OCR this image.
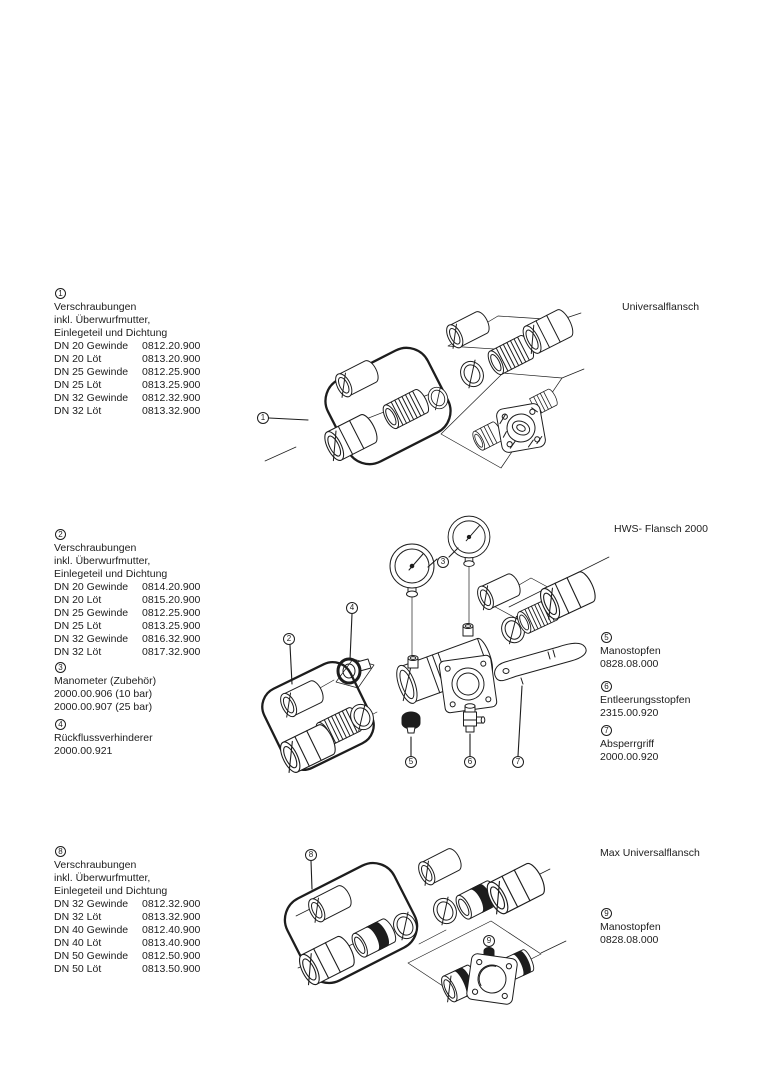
1
Verschraubungen
inkl. Überwurfmutter,
Einlegeteil und Dichtung
DN 20 Gewinde	0812.20.900
DN 20 Löt	0813.20.900
DN 25 Gewinde	0812.25.900
DN 25 Löt	0813.25.900
DN 32 Gewinde	0812.32.900
DN 32 Löt	0813.32.900
Universalflansch
2
Verschraubungen
inkl. Überwurfmutter,
Einlegeteil und Dichtung
DN 20 Gewinde	0814.20.900
DN 20 Löt	0815.20.900
DN 25 Gewinde	0812.25.900
DN 25 Löt	0813.25.900
DN 32 Gewinde	0816.32.900
DN 32 Löt	0817.32.900
3
Manometer (Zubehör)
2000.00.906 (10 bar)
2000.00.907 (25 bar)
4
Rückflussverhinderer
2000.00.921
5
Manostopfen
0828.08.000
6
Entleerungsstopfen
2315.00.920
7
Absperrgriff
2000.00.920
HWS- Flansch 2000
8
Verschraubungen
inkl. Überwurfmutter,
Einlegeteil und Dichtung
DN 32 Gewinde	0812.32.900
DN 32 Löt	0813.32.900
DN 40 Gewinde	0812.40.900
DN 40 Löt	0813.40.900
DN 50 Gewinde	0812.50.900
DN 50 Löt	0813.50.900
9
Manostopfen
0828.08.000
Max Universalflansch
1
2
3
4
5	6	7
8
9
